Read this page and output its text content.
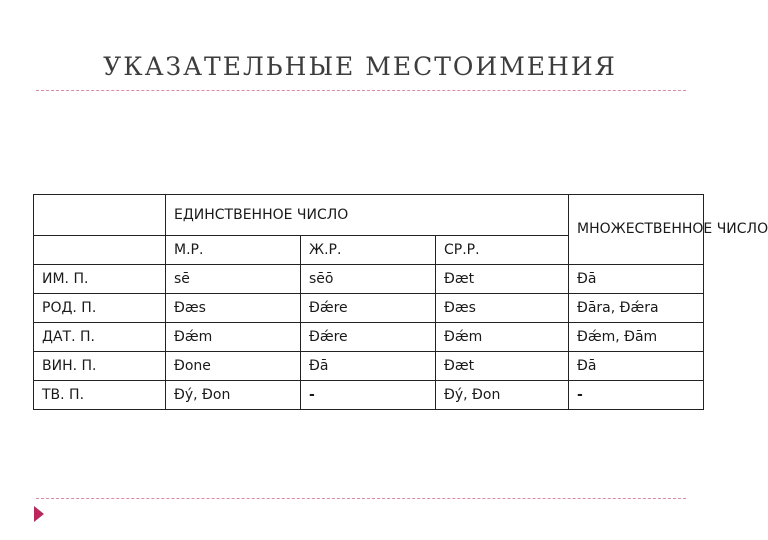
УКАЗАТЕЛЬНЫЕ МЕСТОИМЕНИЯ
	ЕДИНСТВЕННОЕ ЧИСЛО			МНОЖЕСТВЕННОЕ ЧИСЛО
	М.Р.	Ж.Р.	СР.Р.	
ИМ. П.	sē	sēō	Ðæt	Ðā
РОД. П.	Ðæs	Ðǽre	Ðæs	Ðāra, Ðǽra
ДАТ. П.	Ðǽm	Ðǽre	Ðǽm	Ðǽm, Ðām
ВИН. П.	Ðone	Ðā	Ðæt	Ðā
ТВ. П.	Ðý, Ðon	-	Ðý, Ðon	-
